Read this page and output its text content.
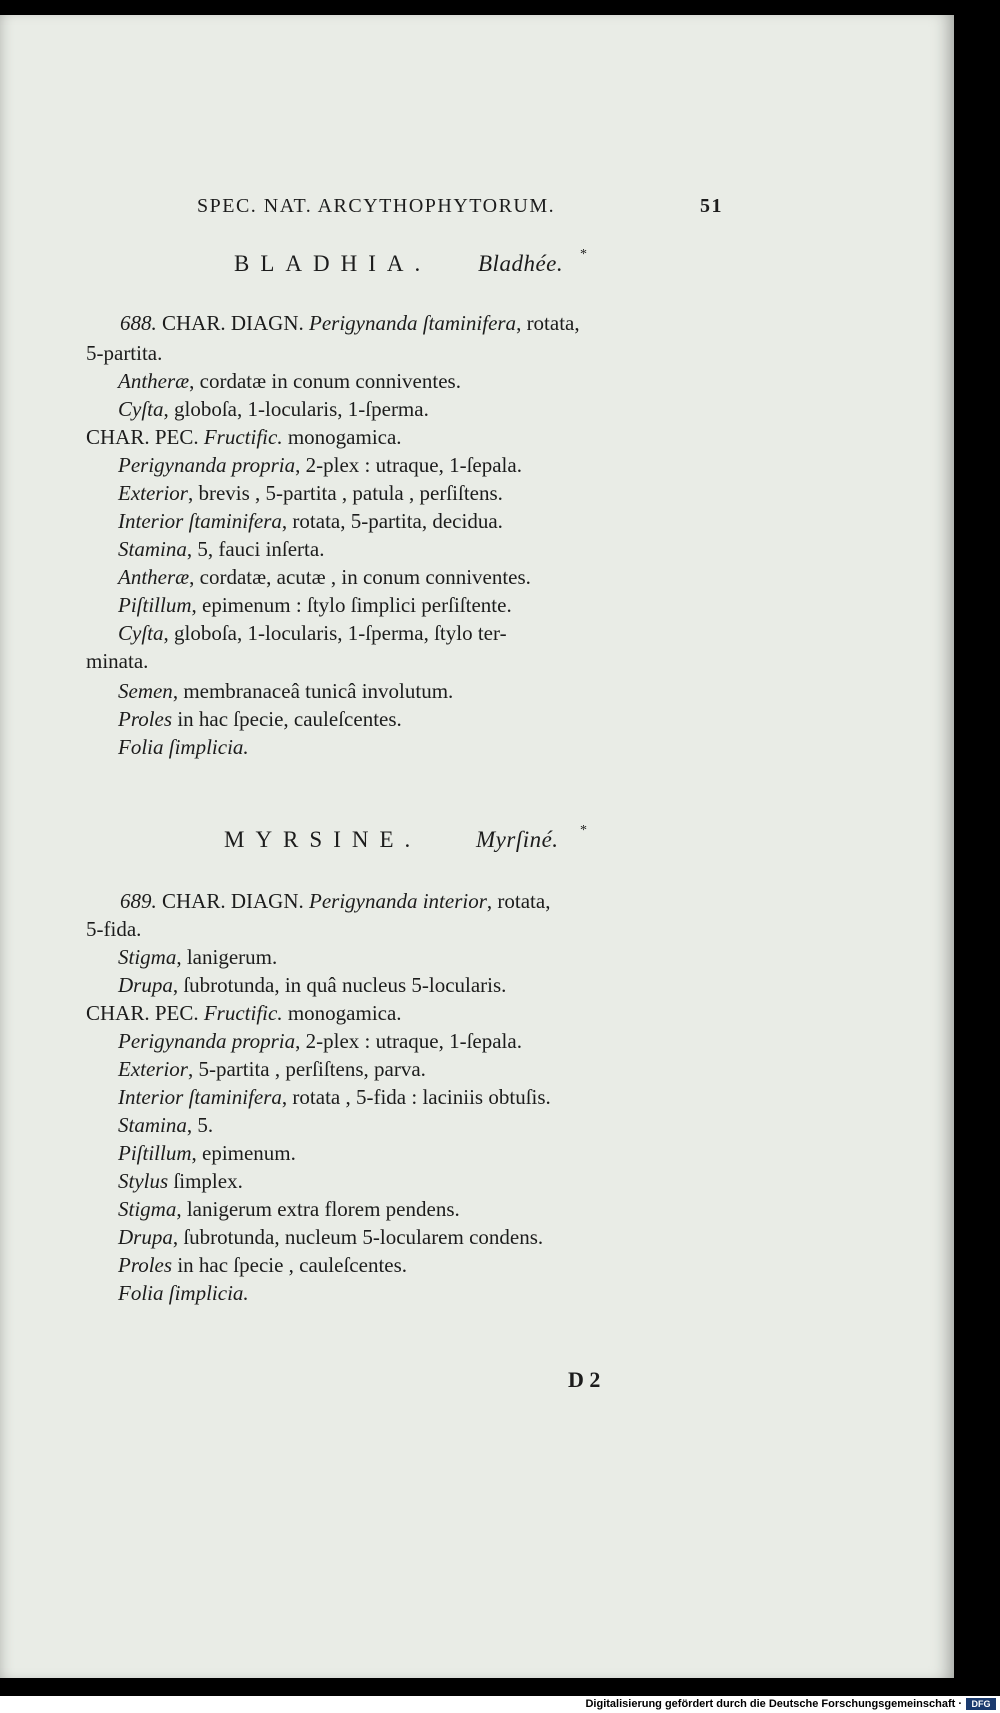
SPEC. NAT. ARCYTHOPHYTORUM.	51
BLADHIA. Bladhée. *
688. CHAR. DIAGN. Perigynanda ſtaminifera, rotata,
5-partita.
Antheræ, cordatæ in conum conniventes.
Cyſta, globoſa, 1-locularis, 1-ſperma.
CHAR. PEC. Fructific. monogamica.
Perigynanda propria, 2-plex : utraque, 1-ſepala.
Exterior, brevis , 5-partita , patula , perſiſtens.
Interior ſtaminifera, rotata, 5-partita, decidua.
Stamina, 5, fauci inſerta.
Antheræ, cordatæ, acutæ , in conum conniventes.
Piſtillum, epimenum : ſtylo ſimplici perſiſtente.
Cyſta, globoſa, 1-locularis, 1-ſperma, ſtylo ter-
minata.
Semen, membranaceâ tunicâ involutum.
Proles in hac ſpecie, cauleſcentes.
Folia ſimplicia.
MYRSINE. Myrſiné. *
689. CHAR. DIAGN. Perigynanda interior, rotata,
5-fida.
Stigma, lanigerum.
Drupa, ſubrotunda, in quâ nucleus 5-locularis.
CHAR. PEC. Fructific. monogamica.
Perigynanda propria, 2-plex : utraque, 1-ſepala.
Exterior, 5-partita , perſiſtens, parva.
Interior ſtaminifera, rotata , 5-fida : laciniis obtuſis.
Stamina, 5.
Piſtillum, epimenum.
Stylus ſimplex.
Stigma, lanigerum extra florem pendens.
Drupa, ſubrotunda, nucleum 5-locularem condens.
Proles in hac ſpecie , cauleſcentes.
Folia ſimplicia.
D 2
Digitalisierung gefördert durch die Deutsche Forschungsgemeinschaft ·	DFG
